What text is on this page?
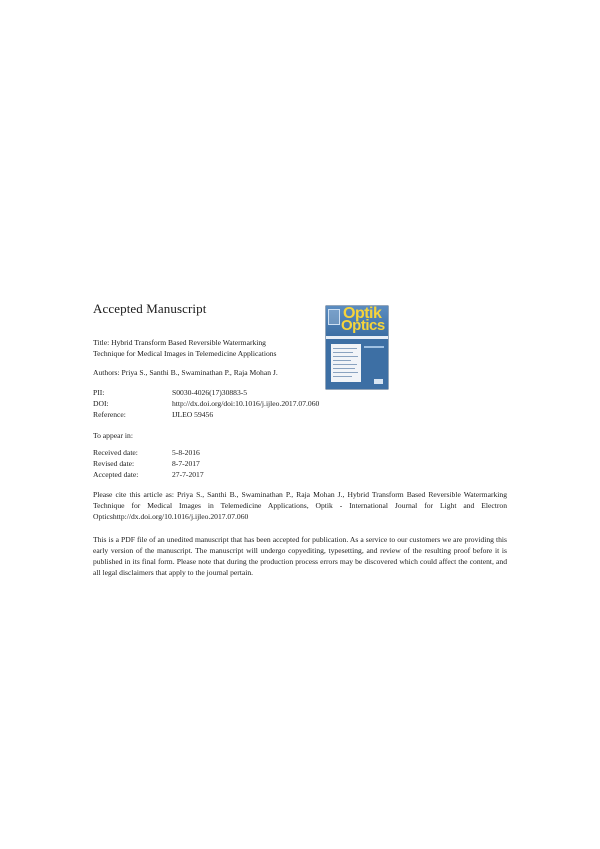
Accepted Manuscript
Title: Hybrid Transform Based Reversible Watermarking
Technique for Medical Images in Telemedicine Applications
Authors: Priya S., Santhi B., Swaminathan P., Raja Mohan J.
PII:	S0030-4026(17)30883-5
DOI:	http://dx.doi.org/doi:10.1016/j.ijleo.2017.07.060
Reference:	IJLEO 59456
To appear in:
Received date:	5-8-2016
Revised date:	8-7-2017
Accepted date:	27-7-2017
Please cite this article as: Priya S., Santhi B., Swaminathan P., Raja Mohan J., Hybrid Transform Based Reversible Watermarking Technique for Medical Images in Telemedicine Applications, Optik - International Journal for Light and Electron Opticshttp://dx.doi.org/10.1016/j.ijleo.2017.07.060
This is a PDF file of an unedited manuscript that has been accepted for publication. As a service to our customers we are providing this early version of the manuscript. The manuscript will undergo copyediting, typesetting, and review of the resulting proof before it is published in its final form. Please note that during the production process errors may be discovered which could affect the content, and all legal disclaimers that apply to the journal pertain.
Optik
Optics
